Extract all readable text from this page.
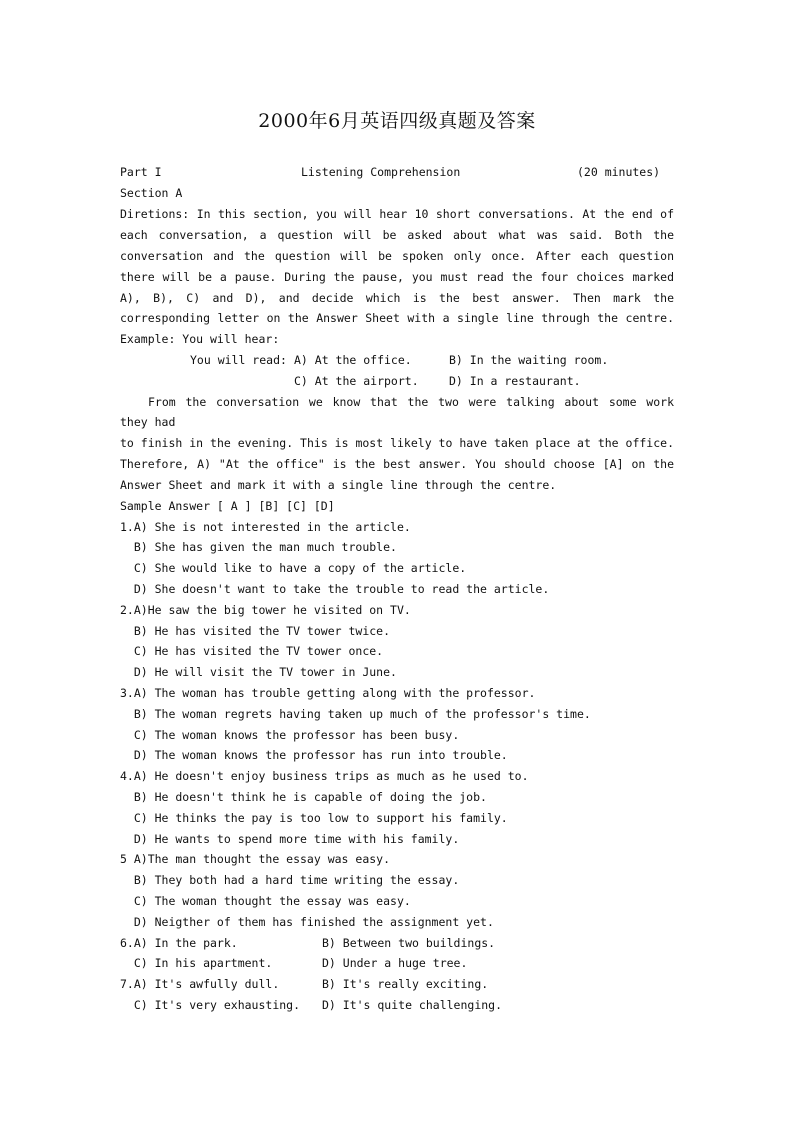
2000年6月英语四级真题及答案
Part I	Listening Comprehension	(20 minutes)
Section A
Diretions: In this section, you will hear 10 short conversations. At the end of
each conversation, a question will be asked about what was said. Both the
conversation and the question will be spoken only once. After each question
there will be a pause. During the pause, you must read the four choices marked
A), B), C) and D), and decide which is the best answer. Then mark the
corresponding letter on the Answer Sheet with a single line through the centre.
Example: You will hear:
You will read: A) At the office.	B) In the waiting room.
C) At the airport.	D) In a restaurant.
From the conversation we know that the two were talking about some work
they had
to finish in the evening. This is most likely to have taken place at the office.
Therefore, A) "At the office" is the best answer. You should choose [A] on the
Answer Sheet and mark it with a single line through the centre.
Sample Answer [ A ] [B] [C] [D]
1.A) She is not interested in the article.
B) She has given the man much trouble.
C) She would like to have a copy of the article.
D) She doesn't want to take the trouble to read the article.
2.A)He saw the big tower he visited on TV.
B) He has visited the TV tower twice.
C) He has visited the TV tower once.
D) He will visit the TV tower in June.
3.A) The woman has trouble getting along with the professor.
B) The woman regrets having taken up much of the professor's time.
C) The woman knows the professor has been busy.
D) The woman knows the professor has run into trouble.
4.A) He doesn't enjoy business trips as much as he used to.
B) He doesn't think he is capable of doing the job.
C) He thinks the pay is too low to support his family.
D) He wants to spend more time with his family.
5 A)The man thought the essay was easy.
B) They both had a hard time writing the essay.
C) The woman thought the essay was easy.
D) Neigther of them has finished the assignment yet.
6.A) In the park.	B) Between two buildings.
C) In his apartment.	D) Under a huge tree.
7.A) It's awfully dull.	B) It's really exciting.
C) It's very exhausting. D) It's quite challenging.
